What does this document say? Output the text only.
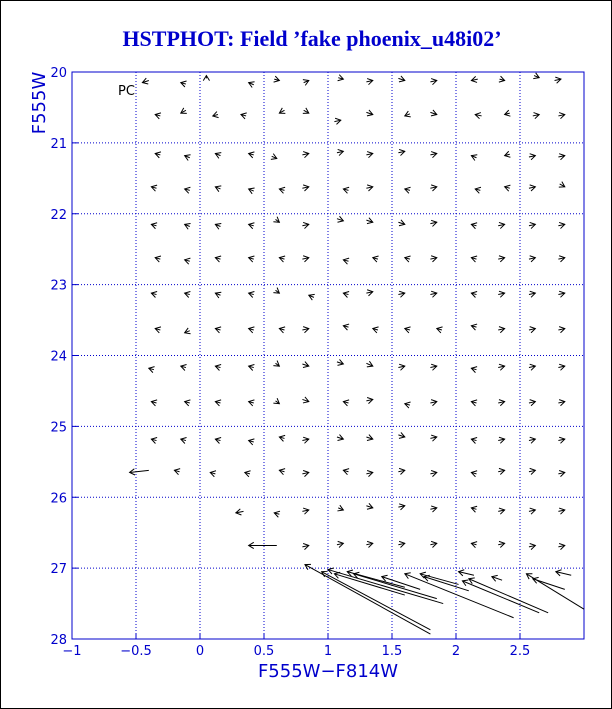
HSTPHOT: Field ’fake phoenix_u48i02’
−1	−0.5	0	0.5	1	1.5	2	2.5
20
21
22
23
24
25
26
27
28
PC
F555W−F814W
F555W
